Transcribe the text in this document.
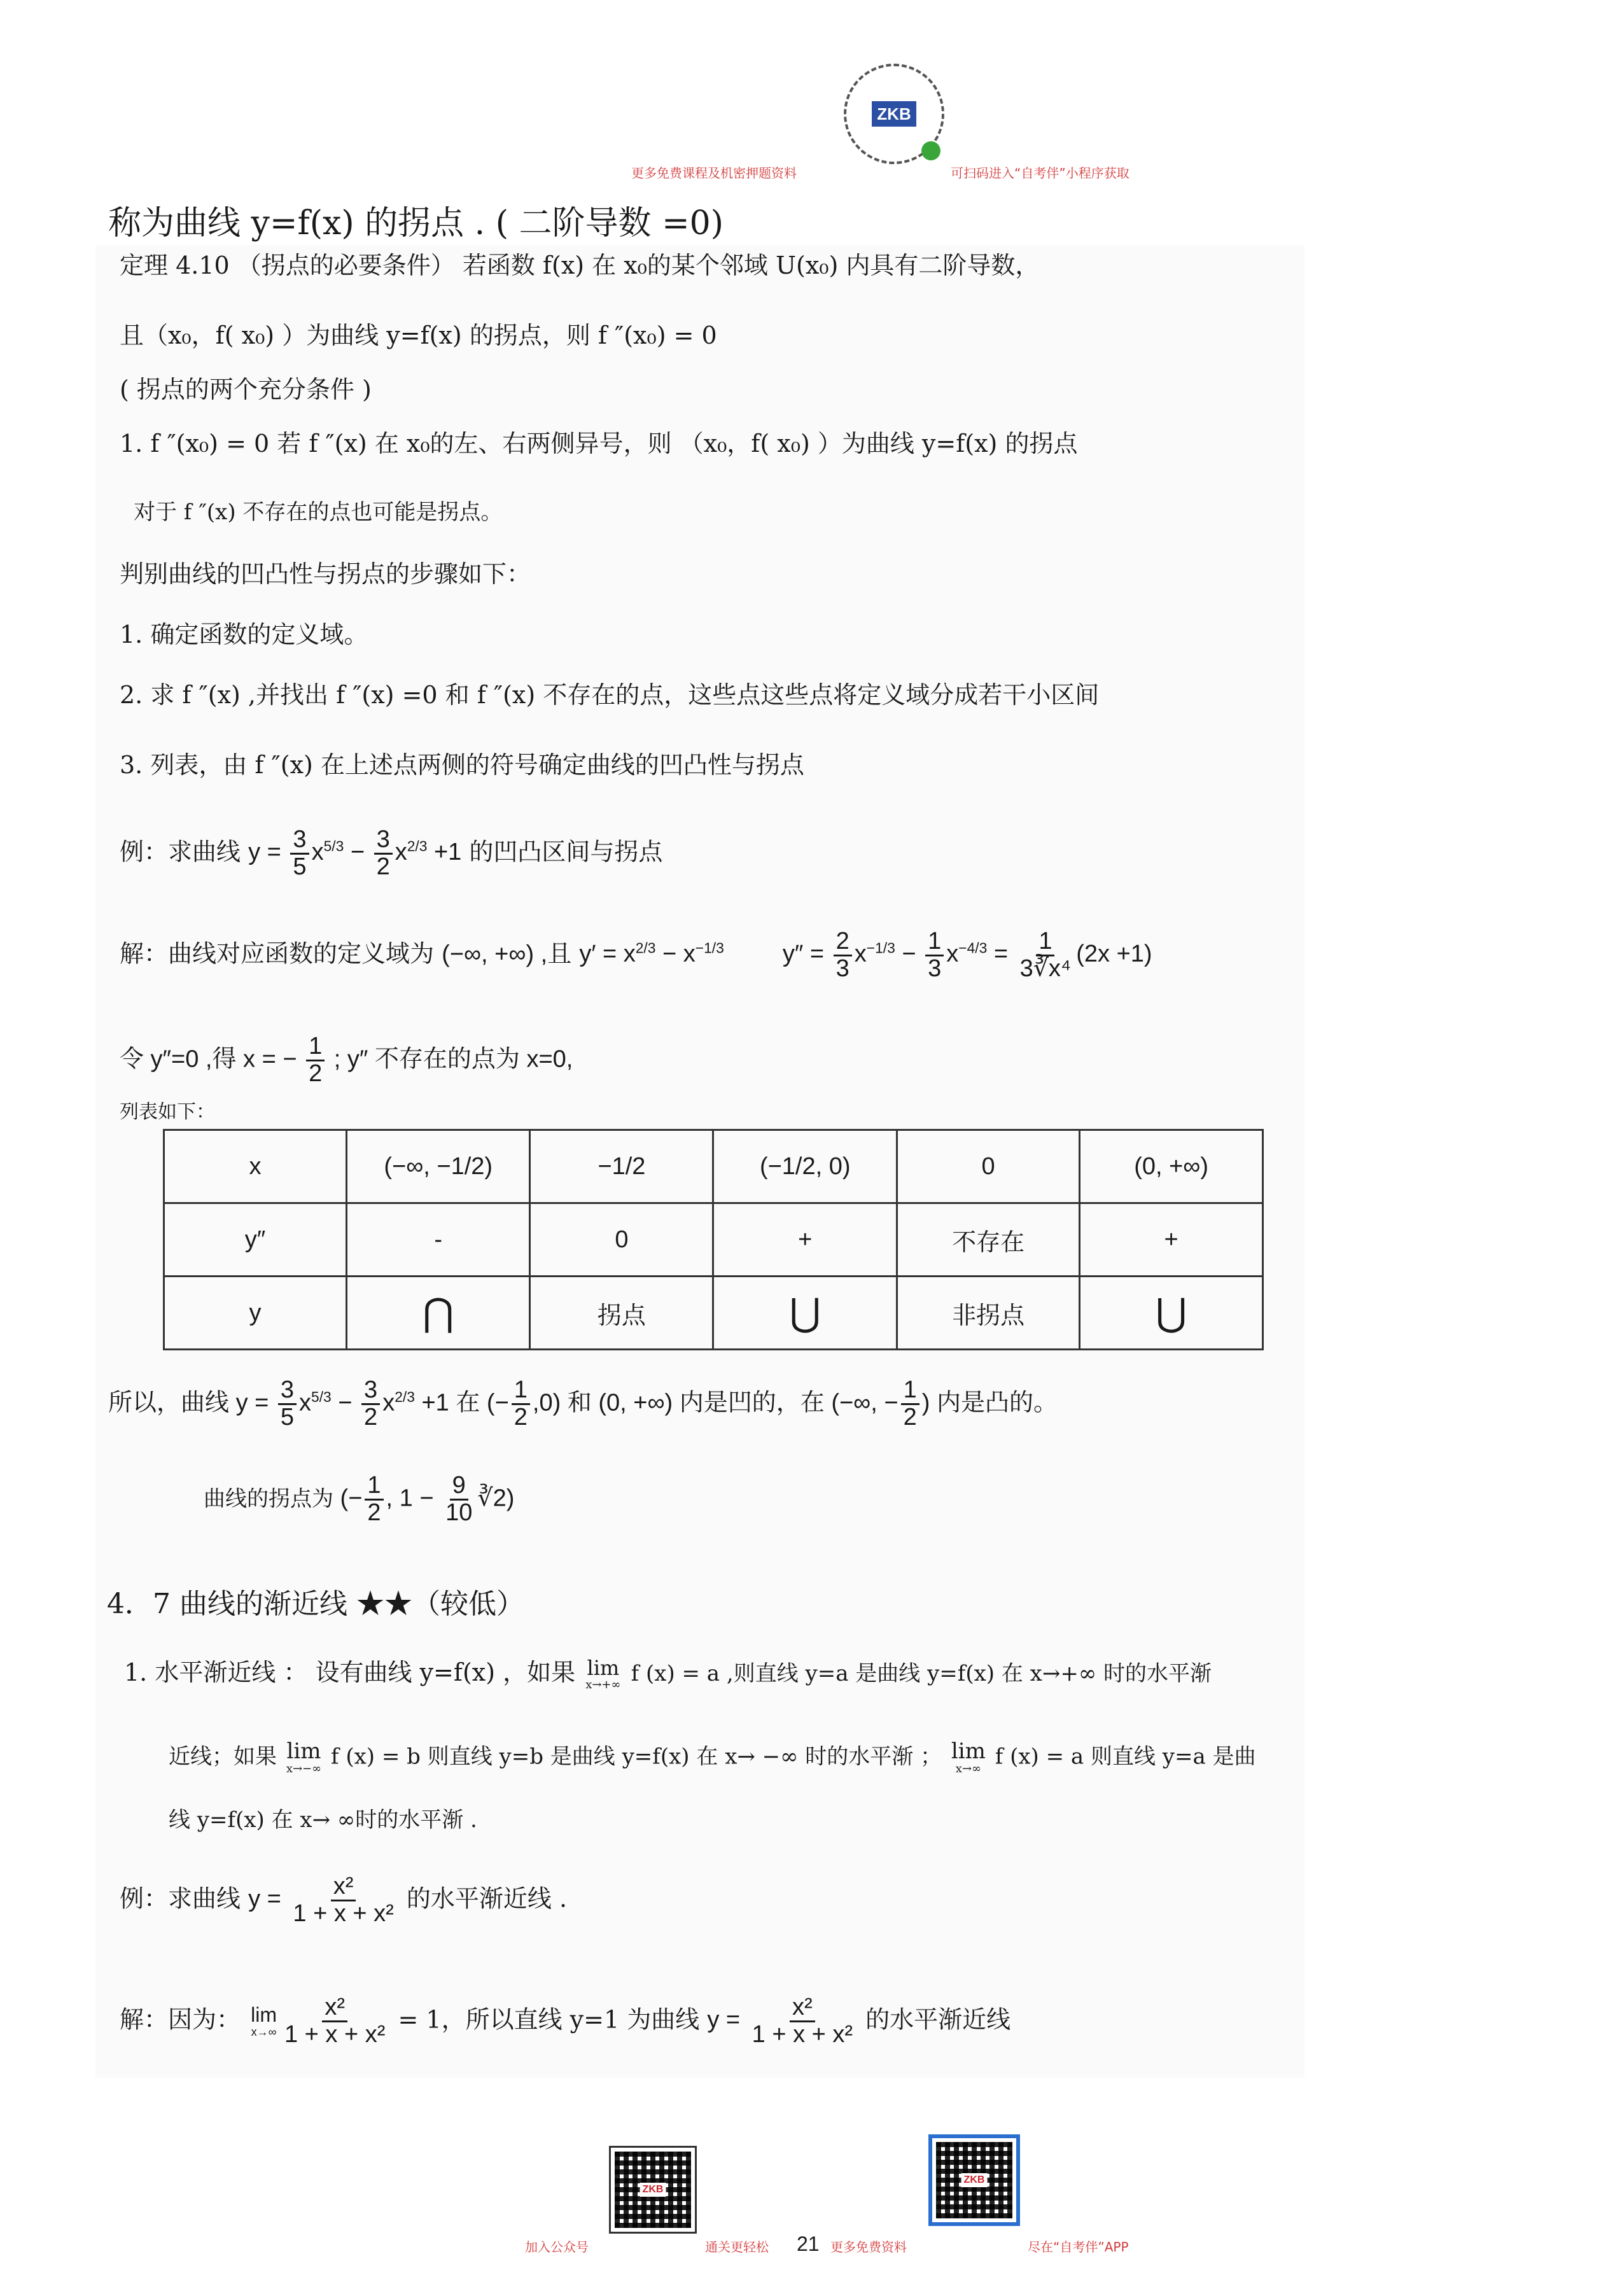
ZKB
更多免费课程及机密押题资料	可扫码进入“自考伴”小程序获取
称为曲线 y=f(x) 的拐点 . ( 二阶导数 =0)
定理 4.10 （拐点的必要条件） 若函数 f(x) 在 x₀的某个邻域 U(x₀) 内具有二阶导数，
且（x₀，f( x₀) ）为曲线 y=f(x) 的拐点，则 f ″(x₀) = 0
( 拐点的两个充分条件 )
1. f ″(x₀) = 0 若 f ″(x) 在 x₀的左、右两侧异号，则 （x₀，f( x₀) ）为曲线 y=f(x) 的拐点
对于 f ″(x) 不存在的点也可能是拐点。
判别曲线的凹凸性与拐点的步骤如下：
1. 确定函数的定义域。
2. 求 f ″(x) ,并找出 f ″(x) =0 和 f ″(x) 不存在的点，这些点这些点将定义域分成若干小区间
3. 列表，由 f ″(x) 在上述点两侧的符号确定曲线的凹凸性与拐点
例：求曲线 $y = \frac{3}{5} x^{5/3} - \frac{3}{2} x^{2/3} +1$ 的凹凸区间与拐点
解：曲线对应函数的定义域为 (−∞, +∞) ,且 $y' = x^{2/3} - x^{-1/3}$ $y'' = \frac{2}{3} x^{-1/3} - \frac{1}{3} x^{-4/3} = \frac{1}{\text{3∛x⁴}} (2x +1)$
令 y″=0 ,得 x = − $\frac{1}{2}$ ; y″ 不存在的点为 x=0,
列表如下：
x	(−∞, −1/2)	−1/2	(−1/2, 0)	0	(0, +∞)
y″	-	0	+	不存在	+
y	⋂	拐点	⋃	非拐点	⋃
所以，曲线 $y = \frac{3}{5} x^{5/3} - \frac{3}{2} x^{2/3} +1$ 在 (− $\frac{1}{2} ,0$) 和 (0, +∞) 内是凹的，在 (−∞, − $\frac{1}{2}$ ) 内是凸的。
曲线的拐点为 (− $\frac{1}{2}$ , $1 - \frac{9}{10}$ ∛2)
4．7 曲线的渐近线 ★★（较低）
1. 水平渐近线 ： 设有曲线 y=f(x) ，如果 lim
x→+∞ f (x) = a ,则直线 y=a 是曲线 y=f(x) 在 x→+∞ 时的水平渐
近线；如果 lim
x→−∞ f (x) = b 则直线 y=b 是曲线 y=f(x) 在 x→ −∞ 时的水平渐 ； lim
x→∞ f (x) = a 则直线 y=a 是曲
线 y=f(x) 在 x→ ∞时的水平渐 .
例：求曲线 $y = \frac{\text{x²}}{\text{1 + x + x²}}$ 的水平渐近线 .
解：因为： lim
$x\to\infty \frac{\text{x²}}{\text{1 + x + x²}} = 1$，所以直线 y=1 为曲线 $y = \frac{\text{x²}}{\text{1 + x + x²}}$ 的水平渐近线
ZKB
ZKB
加入公众号	通关更轻松 21 更多免费资料	尽在“自考伴”APP
